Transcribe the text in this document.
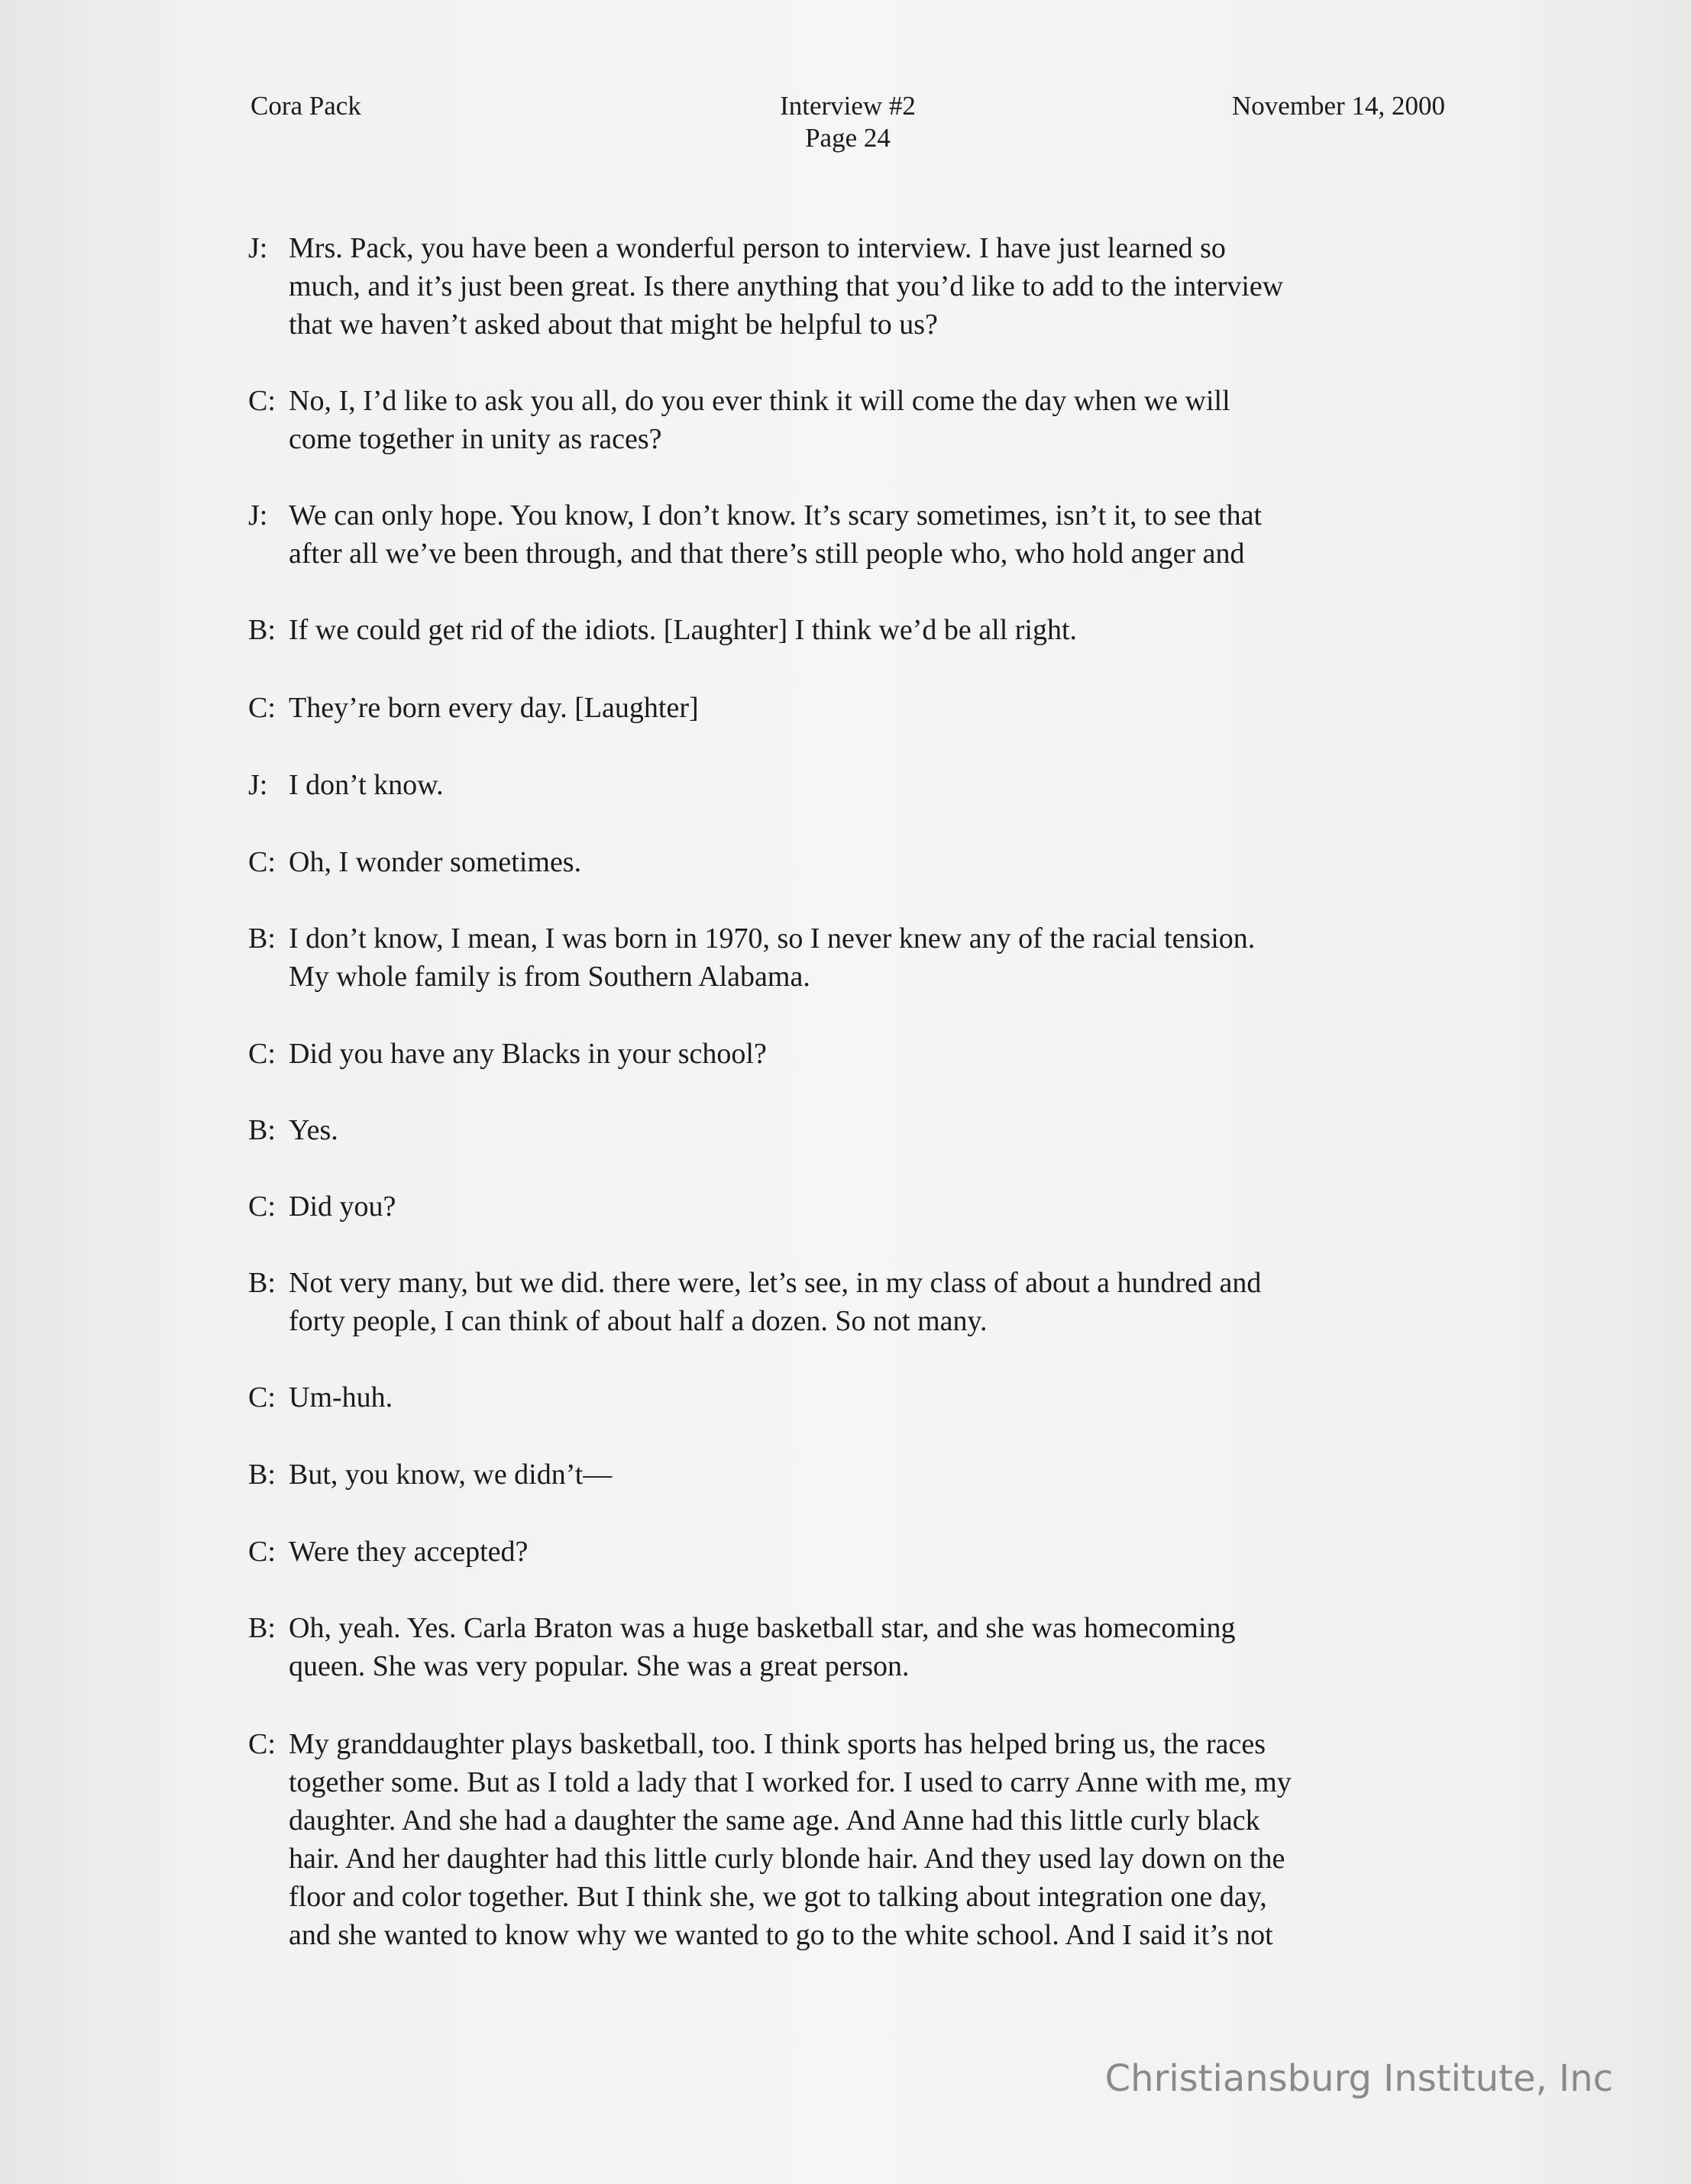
Cora Pack	Interview #2
Page 24
November 14, 2000
J: Mrs. Pack, you have been a wonderful person to interview. I have just learned so
much, and it’s just been great. Is there anything that you’d like to add to the interview
that we haven’t asked about that might be helpful to us?
C: No, I, I’d like to ask you all, do you ever think it will come the day when we will
come together in unity as races?
J: We can only hope. You know, I don’t know. It’s scary sometimes, isn’t it, to see that
after all we’ve been through, and that there’s still people who, who hold anger and
B: If we could get rid of the idiots. [Laughter] I think we’d be all right.
C: They’re born every day. [Laughter]
J: I don’t know.
C: Oh, I wonder sometimes.
B: I don’t know, I mean, I was born in 1970, so I never knew any of the racial tension.
My whole family is from Southern Alabama.
C: Did you have any Blacks in your school?
B: Yes.
C: Did you?
B: Not very many, but we did. there were, let’s see, in my class of about a hundred and
forty people, I can think of about half a dozen. So not many.
C: Um-huh.
B: But, you know, we didn’t—
C: Were they accepted?
B: Oh, yeah. Yes. Carla Braton was a huge basketball star, and she was homecoming
queen. She was very popular. She was a great person.
C: My granddaughter plays basketball, too. I think sports has helped bring us, the races
together some. But as I told a lady that I worked for. I used to carry Anne with me, my
daughter. And she had a daughter the same age. And Anne had this little curly black
hair. And her daughter had this little curly blonde hair. And they used lay down on the
floor and color together. But I think she, we got to talking about integration one day,
and she wanted to know why we wanted to go to the white school. And I said it’s not
Christiansburg Institute, Inc
